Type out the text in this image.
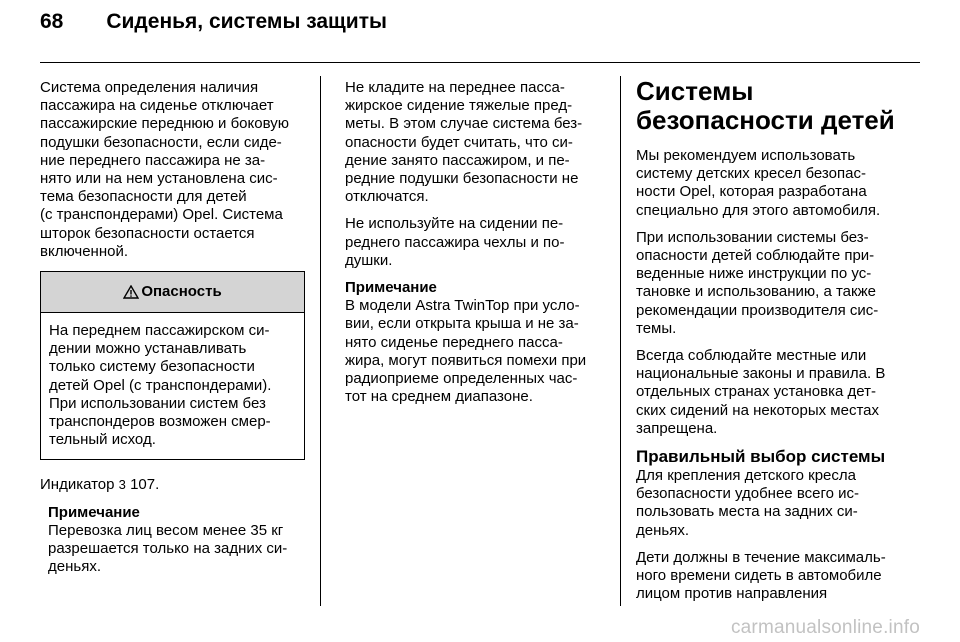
68 Сиденья, системы защиты

Система определения наличия
пассажира на сиденье отключает
пассажирские переднюю и боковую
подушки безопасности, если сиде-
ние переднего пассажира не за-
нято или на нем установлена сис-
тема безопасности для детей
(с транспондерами) Opel. Система
шторок безопасности остается
включенной.

Опасность
На переднем пассажирском си-
дении можно устанавливать
только систему безопасности
детей Opel (с транспондерами).
При использовании систем без
транспондеров возможен смер-
тельный исход.

Индикатор 3 107.

Примечание
Перевозка лиц весом менее 35 кг
разрешается только на задних си-
деньях.

Не кладите на переднее пасса-
жирское сидение тяжелые пред-
меты. В этом случае система без-
опасности будет считать, что си-
дение занято пассажиром, и пе-
редние подушки безопасности не
отключатся.

Не используйте на сидении пе-
реднего пассажира чехлы и по-
душки.

Примечание
В модели Astra TwinTop при усло-
вии, если открыта крыша и не за-
нято сиденье переднего пасса-
жира, могут появиться помехи при
радиоприеме определенных час-
тот на среднем диапазоне.
Системы
безопасности детей

Мы рекомендуем использовать
систему детских кресел безопас-
ности Opel, которая разработана
специально для этого автомобиля.

При использовании системы без-
опасности детей соблюдайте при-
веденные ниже инструкции по ус-
тановке и использованию, а также
рекомендации производителя сис-
темы.

Всегда соблюдайте местные или
национальные законы и правила. В
отдельных странах установка дет-
ских сидений на некоторых местах
запрещена.

Правильный выбор системы

Для крепления детского кресла
безопасности удобнее всего ис-
пользовать места на задних си-
деньях.

Дети должны в течение максималь-
ного времени сидеть в автомобиле
лицом против направления

carmanualsonline.info
